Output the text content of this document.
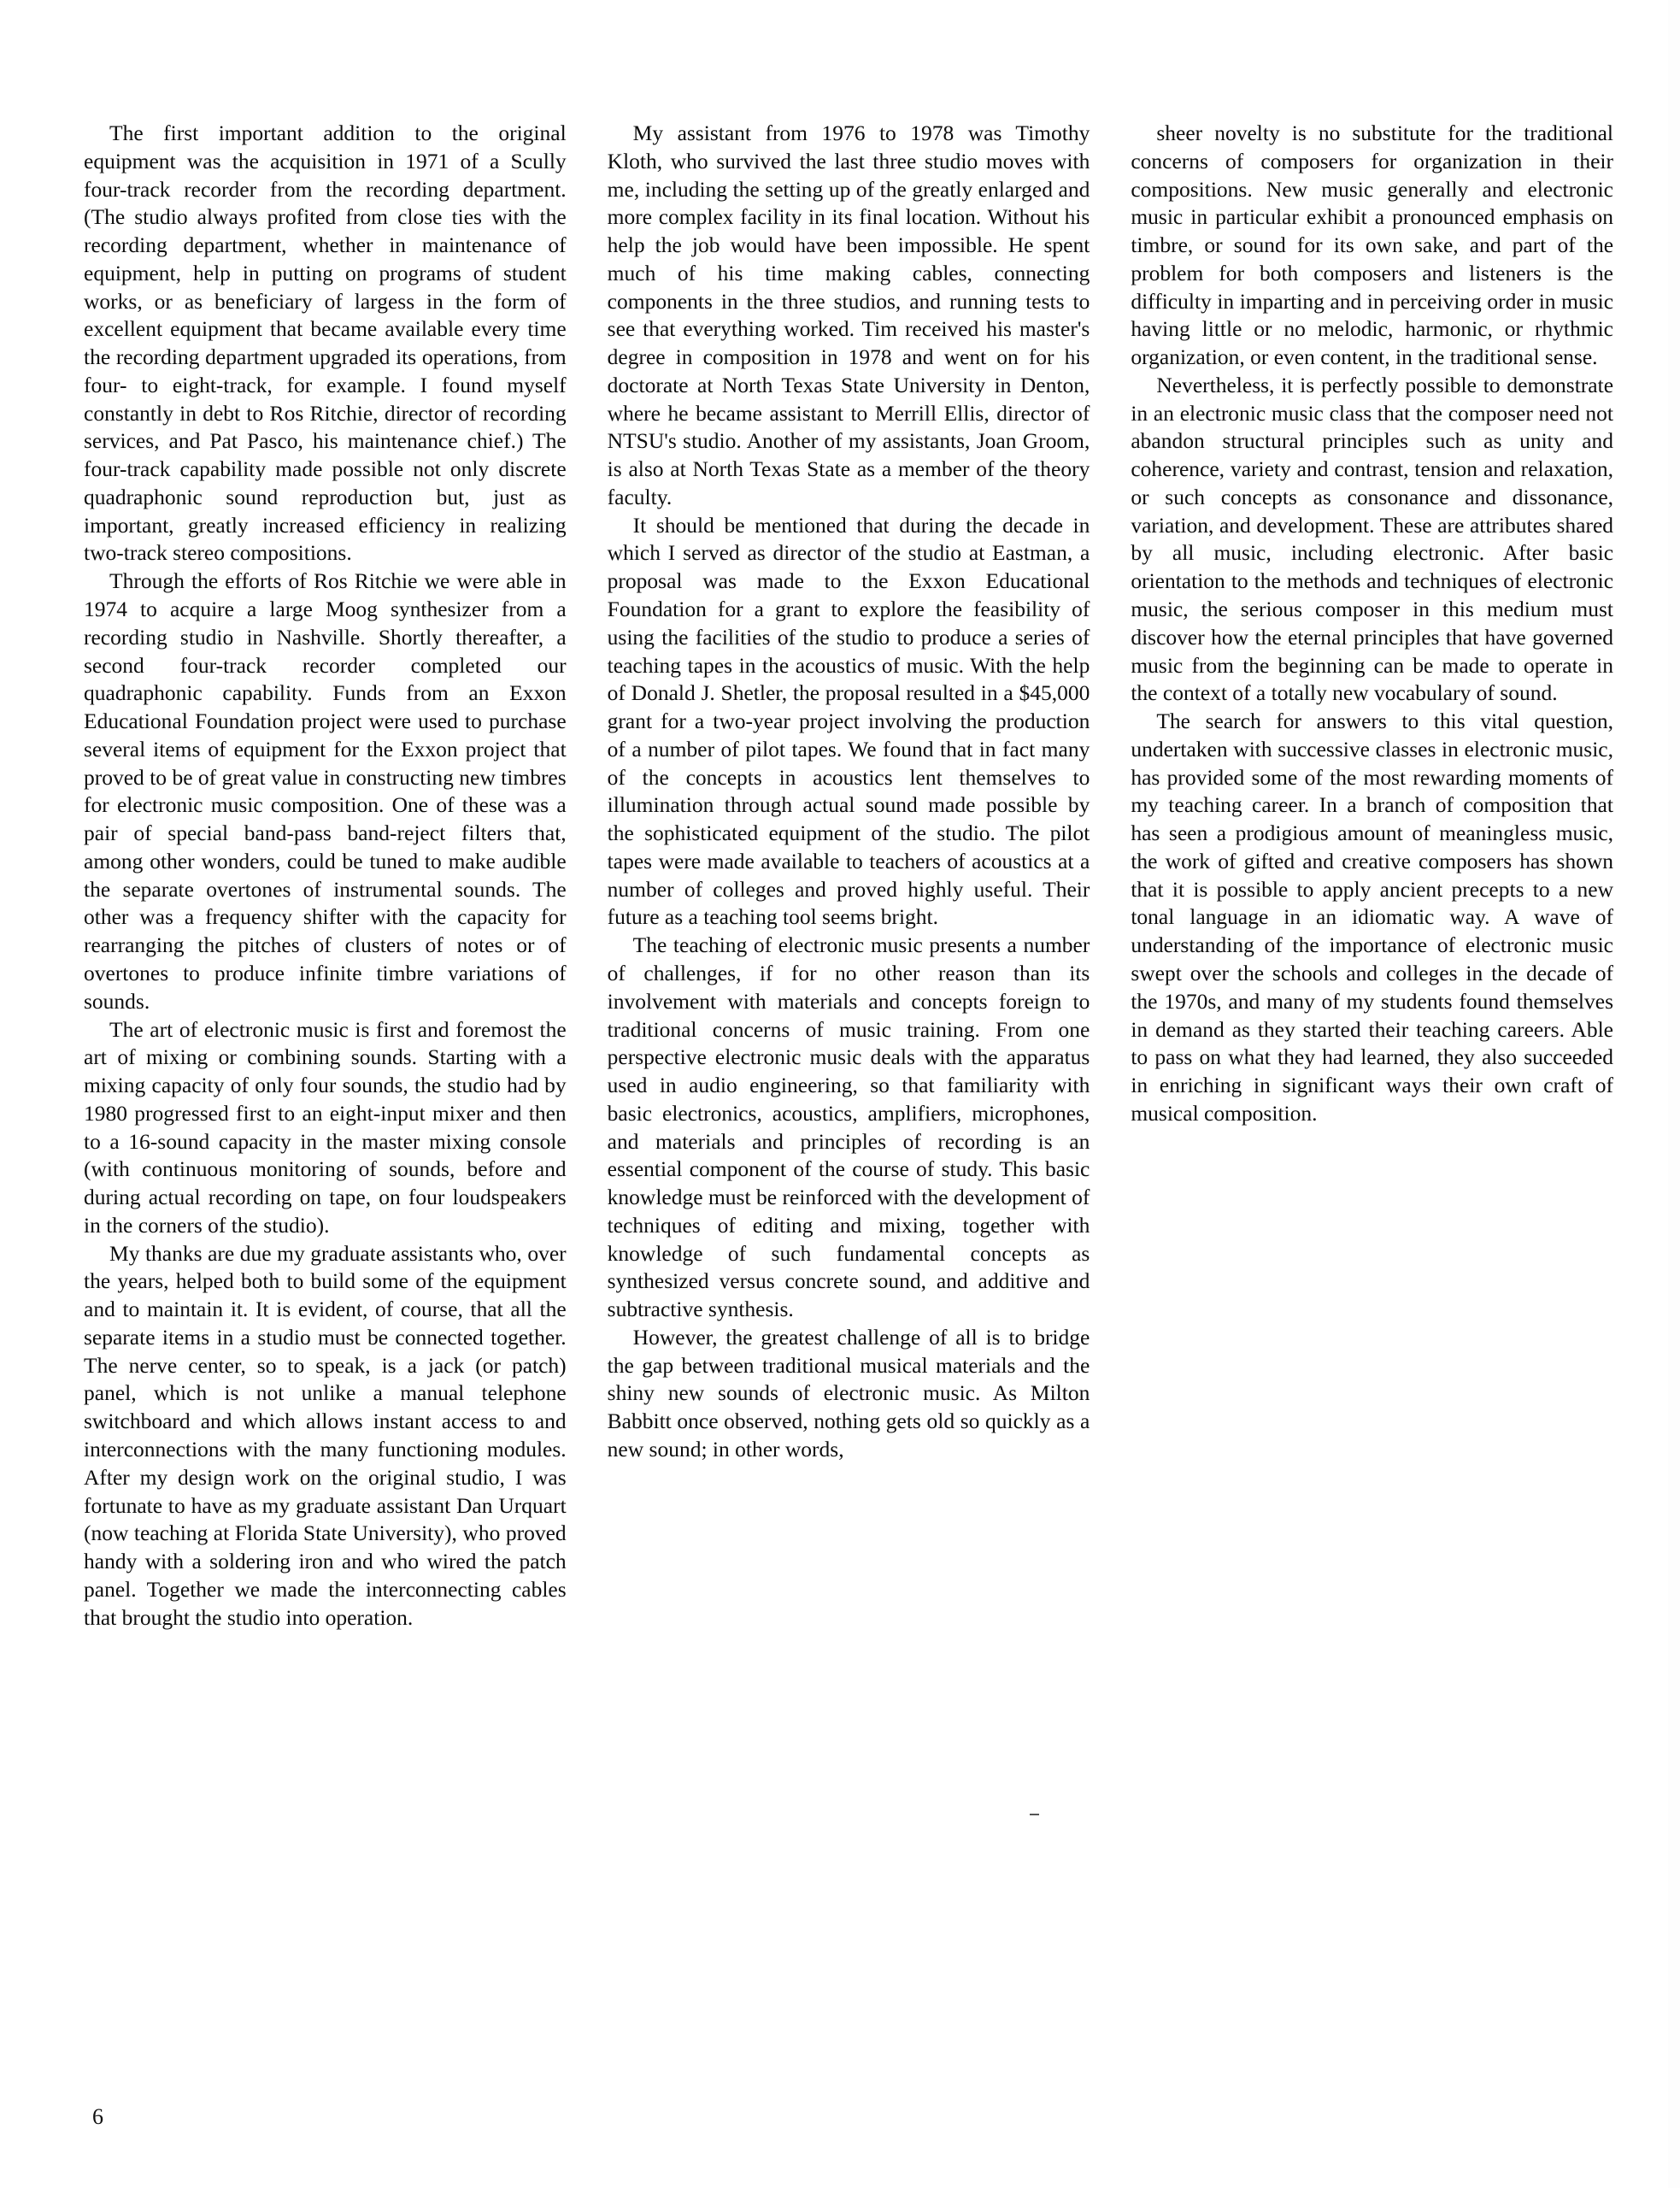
The first important addition to the original equipment was the acquisition in 1971 of a Scully four-track recorder from the recording department. (The studio always profited from close ties with the recording department, whether in maintenance of equipment, help in putting on programs of student works, or as beneficiary of largess in the form of excellent equipment that became available every time the recording department upgraded its operations, from four- to eight-track, for example. I found myself constantly in debt to Ros Ritchie, director of recording services, and Pat Pasco, his maintenance chief.) The four-track capability made possible not only discrete quadraphonic sound reproduction but, just as important, greatly increased efficiency in realizing two-track stereo compositions.

Through the efforts of Ros Ritchie we were able in 1974 to acquire a large Moog synthesizer from a recording studio in Nashville. Shortly thereafter, a second four-track recorder completed our quadraphonic capability. Funds from an Exxon Educational Foundation project were used to purchase several items of equipment for the Exxon project that proved to be of great value in constructing new timbres for electronic music composition. One of these was a pair of special band-pass band-reject filters that, among other wonders, could be tuned to make audible the separate overtones of instrumental sounds. The other was a frequency shifter with the capacity for rearranging the pitches of clusters of notes or of overtones to produce infinite timbre variations of sounds.

The art of electronic music is first and foremost the art of mixing or combining sounds. Starting with a mixing capacity of only four sounds, the studio had by 1980 progressed first to an eight-input mixer and then to a 16-sound capacity in the master mixing console (with continuous monitoring of sounds, before and during actual recording on tape, on four loudspeakers in the corners of the studio).

My thanks are due my graduate assistants who, over the years, helped both to build some of the equipment and to maintain it. It is evident, of course, that all the separate items in a studio must be connected together. The nerve center, so to speak, is a jack (or patch) panel, which is not unlike a manual telephone switchboard and which allows instant access to and interconnections with the many functioning modules. After my design work on the original studio, I was fortunate to have as my graduate assistant Dan Urquart (now teaching at Florida State University), who proved handy with a soldering iron and who wired the patch panel. Together we made the interconnecting cables that brought the studio into operation.

My assistant from 1976 to 1978 was Timothy Kloth, who survived the last three studio moves with me, including the setting up of the greatly enlarged and more complex facility in its final location. Without his help the job would have been impossible. He spent much of his time making cables, connecting components in the three studios, and running tests to see that everything worked. Tim received his master's degree in composition in 1978 and went on for his doctorate at North Texas State University in Denton, where he became assistant to Merrill Ellis, director of NTSU's studio. Another of my assistants, Joan Groom, is also at North Texas State as a member of the theory faculty.

It should be mentioned that during the decade in which I served as director of the studio at Eastman, a proposal was made to the Exxon Educational Foundation for a grant to explore the feasibility of using the facilities of the studio to produce a series of teaching tapes in the acoustics of music. With the help of Donald J. Shetler, the proposal resulted in a $45,000 grant for a two-year project involving the production of a number of pilot tapes. We found that in fact many of the concepts in acoustics lent themselves to illumination through actual sound made possible by the sophisticated equipment of the studio. The pilot tapes were made available to teachers of acoustics at a number of colleges and proved highly useful. Their future as a teaching tool seems bright.

The teaching of electronic music presents a number of challenges, if for no other reason than its involvement with materials and concepts foreign to traditional concerns of music training. From one perspective electronic music deals with the apparatus used in audio engineering, so that familiarity with basic electronics, acoustics, amplifiers, microphones, and materials and principles of recording is an essential component of the course of study. This basic knowledge must be reinforced with the development of techniques of editing and mixing, together with knowledge of such fundamental concepts as synthesized versus concrete sound, and additive and subtractive synthesis.

However, the greatest challenge of all is to bridge the gap between traditional musical materials and the shiny new sounds of electronic music. As Milton Babbitt once observed, nothing gets old so quickly as a new sound; in other words,

sheer novelty is no substitute for the traditional concerns of composers for organization in their compositions. New music generally and electronic music in particular exhibit a pronounced emphasis on timbre, or sound for its own sake, and part of the problem for both composers and listeners is the difficulty in imparting and in perceiving order in music having little or no melodic, harmonic, or rhythmic organization, or even content, in the traditional sense.

Nevertheless, it is perfectly possible to demonstrate in an electronic music class that the composer need not abandon structural principles such as unity and coherence, variety and contrast, tension and relaxation, or such concepts as consonance and dissonance, variation, and development. These are attributes shared by all music, including electronic. After basic orientation to the methods and techniques of electronic music, the serious composer in this medium must discover how the eternal principles that have governed music from the beginning can be made to operate in the context of a totally new vocabulary of sound.

The search for answers to this vital question, undertaken with successive classes in electronic music, has provided some of the most rewarding moments of my teaching career. In a branch of composition that has seen a prodigious amount of meaningless music, the work of gifted and creative composers has shown that it is possible to apply ancient precepts to a new tonal language in an idiomatic way. A wave of understanding of the importance of electronic music swept over the schools and colleges in the decade of the 1970s, and many of my students found themselves in demand as they started their teaching careers. Able to pass on what they had learned, they also succeeded in enriching in significant ways their own craft of musical composition.

6
